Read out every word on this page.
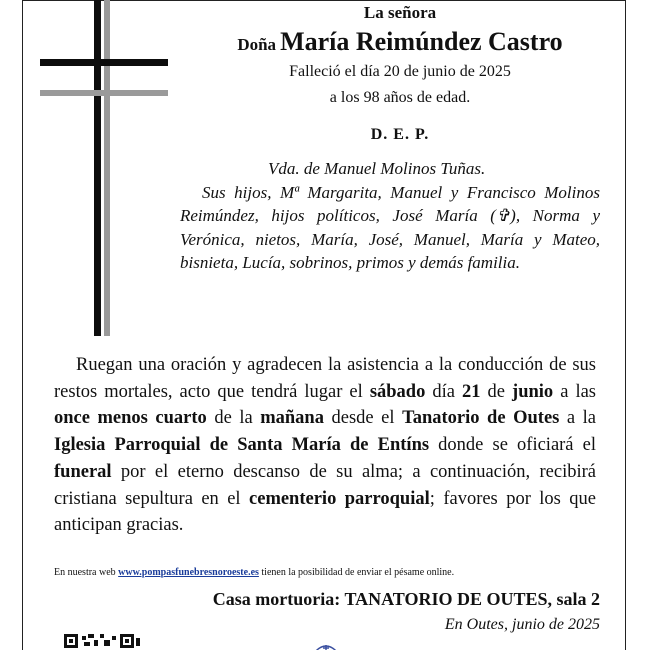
La señora
Doña María Reimúndez Castro
Falleció el día 20 de junio de 2025
a los 98 años de edad.
D. E. P.
Vda. de Manuel Molinos Tuñas.
Sus hijos, Mª Margarita, Manuel y Francisco Molinos Reimúndez, hijos políticos, José María (✞), Norma y Verónica, nietos, María, José, Manuel, María y Mateo, bisnieta, Lucía, sobrinos, primos y demás familia.
Ruegan una oración y agradecen la asistencia a la conducción de sus restos mortales, acto que tendrá lugar el sábado día 21 de junio a las once menos cuarto de la mañana desde el Tanatorio de Outes a la Iglesia Parroquial de Santa María de Entíns donde se oficiará el funeral por el eterno descanso de su alma; a continuación, recibirá cristiana sepultura en el cementerio parroquial; favores por los que anticipan gracias.
En nuestra web www.pompasfunebresnoroeste.es tienen la posibilidad de enviar el pésame online.
Casa mortuoria: TANATORIO DE OUTES, sala 2
En Outes, junio de 2025
